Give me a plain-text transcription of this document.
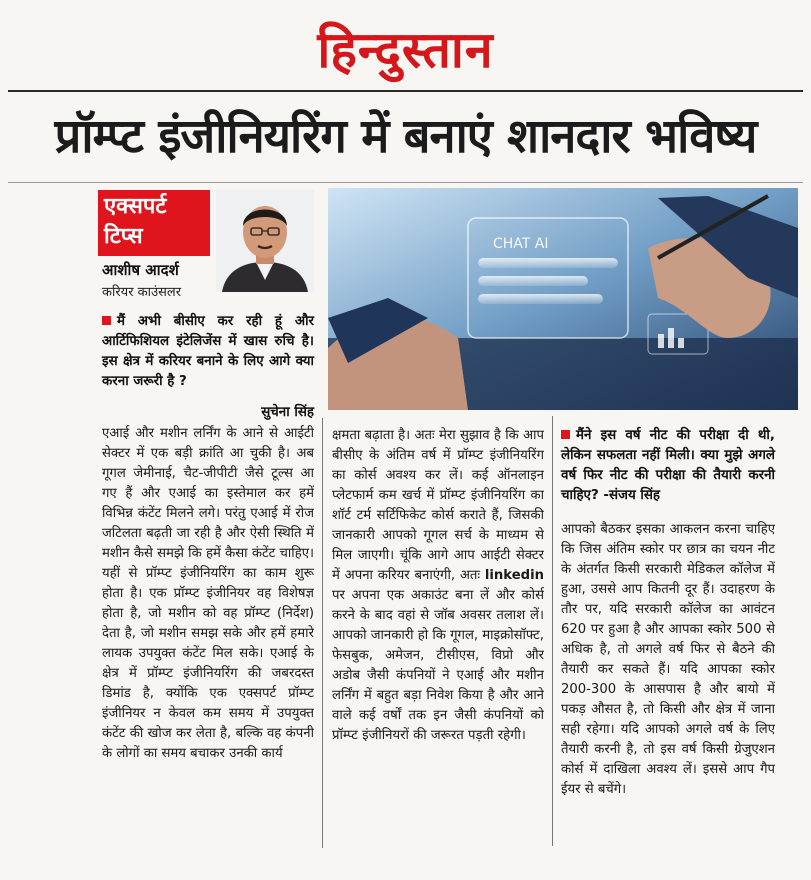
हिन्दुस्तान
प्रॉम्प्ट इंजीनियरिंग में बनाएं शानदार भविष्य
एक्सपर्ट
टिप्स
आशीष आदर्श
करियर काउंसलर
CHAT AI
मैं अभी बीसीए कर रही हूं और आर्टिफिशियल इंटेलिजेंस में खास रुचि है। इस क्षेत्र में करियर बनाने के लिए आगे क्या करना जरूरी है ?
सुचेना सिंह
एआई और मशीन लर्निंग के आने से आईटी सेक्टर में एक बड़ी क्रांति आ चुकी है। अब गूगल जेमीनाई, चैट-जीपीटी जैसे टूल्स आ गए हैं और एआई का इस्तेमाल कर हमें विभिन्न कंटेंट मिलने लगे। परंतु एआई में रोज जटिलता बढ़ती जा रही है और ऐसी स्थिति में मशीन कैसे समझे कि हमें कैसा कंटेंट चाहिए। यहीं से प्रॉम्प्ट इंजीनियरिंग का काम शुरू होता है। एक प्रॉम्प्ट इंजीनियर वह विशेषज्ञ होता है, जो मशीन को वह प्रॉम्प्ट (निर्देश) देता है, जो मशीन समझ सके और हमें हमारे लायक उपयुक्त कंटेंट मिल सके। एआई के क्षेत्र में प्रॉम्प्ट इंजीनियरिंग की जबरदस्त डिमांड है, क्योंकि एक एक्सपर्ट प्रॉम्प्ट इंजीनियर न केवल कम समय में उपयुक्त कंटेंट की खोज कर लेता है, बल्कि वह कंपनी के लोगों का समय बचाकर उनकी कार्य
क्षमता बढ़ाता है। अतः मेरा सुझाव है कि आप बीसीए के अंतिम वर्ष में प्रॉम्प्ट इंजीनियरिंग का कोर्स अवश्य कर लें। कई ऑनलाइन प्लेटफार्म कम खर्च में प्रॉम्प्ट इंजीनियरिंग का शॉर्ट टर्म सर्टिफिकेट कोर्स कराते हैं, जिसकी जानकारी आपको गूगल सर्च के माध्यम से मिल जाएगी। चूंकि आगे आप आईटी सेक्टर में अपना करियर बनाएंगी, अतः linkedin पर अपना एक अकाउंट बना लें और कोर्स करने के बाद वहां से जॉब अवसर तलाश लें। आपको जानकारी हो कि गूगल, माइक्रोसॉफ्ट, फेसबुक, अमेजन, टीसीएस, विप्रो और अडोब जैसी कंपनियों ने एआई और मशीन लर्निंग में बहुत बड़ा निवेश किया है और आने वाले कई वर्षों तक इन जैसी कंपनियों को प्रॉम्प्ट इंजीनियरों की जरूरत पड़ती रहेगी।
मैंने इस वर्ष नीट की परीक्षा दी थी, लेकिन सफलता नहीं मिली। क्या मुझे अगले वर्ष फिर नीट की परीक्षा की तैयारी करनी चाहिए? -संजय सिंह
आपको बैठकर इसका आकलन करना चाहिए कि जिस अंतिम स्कोर पर छात्र का चयन नीट के अंतर्गत किसी सरकारी मेडिकल कॉलेज में हुआ, उससे आप कितनी दूर हैं। उदाहरण के तौर पर, यदि सरकारी कॉलेज का आवंटन 620 पर हुआ है और आपका स्कोर 500 से अधिक है, तो अगले वर्ष फिर से बैठने की तैयारी कर सकते हैं। यदि आपका स्कोर 200-300 के आसपास है और बायो में पकड़ औसत है, तो किसी और क्षेत्र में जाना सही रहेगा। यदि आपको अगले वर्ष के लिए तैयारी करनी है, तो इस वर्ष किसी ग्रेजुएशन कोर्स में दाखिला अवश्य लें। इससे आप गैप ईयर से बचेंगे।
